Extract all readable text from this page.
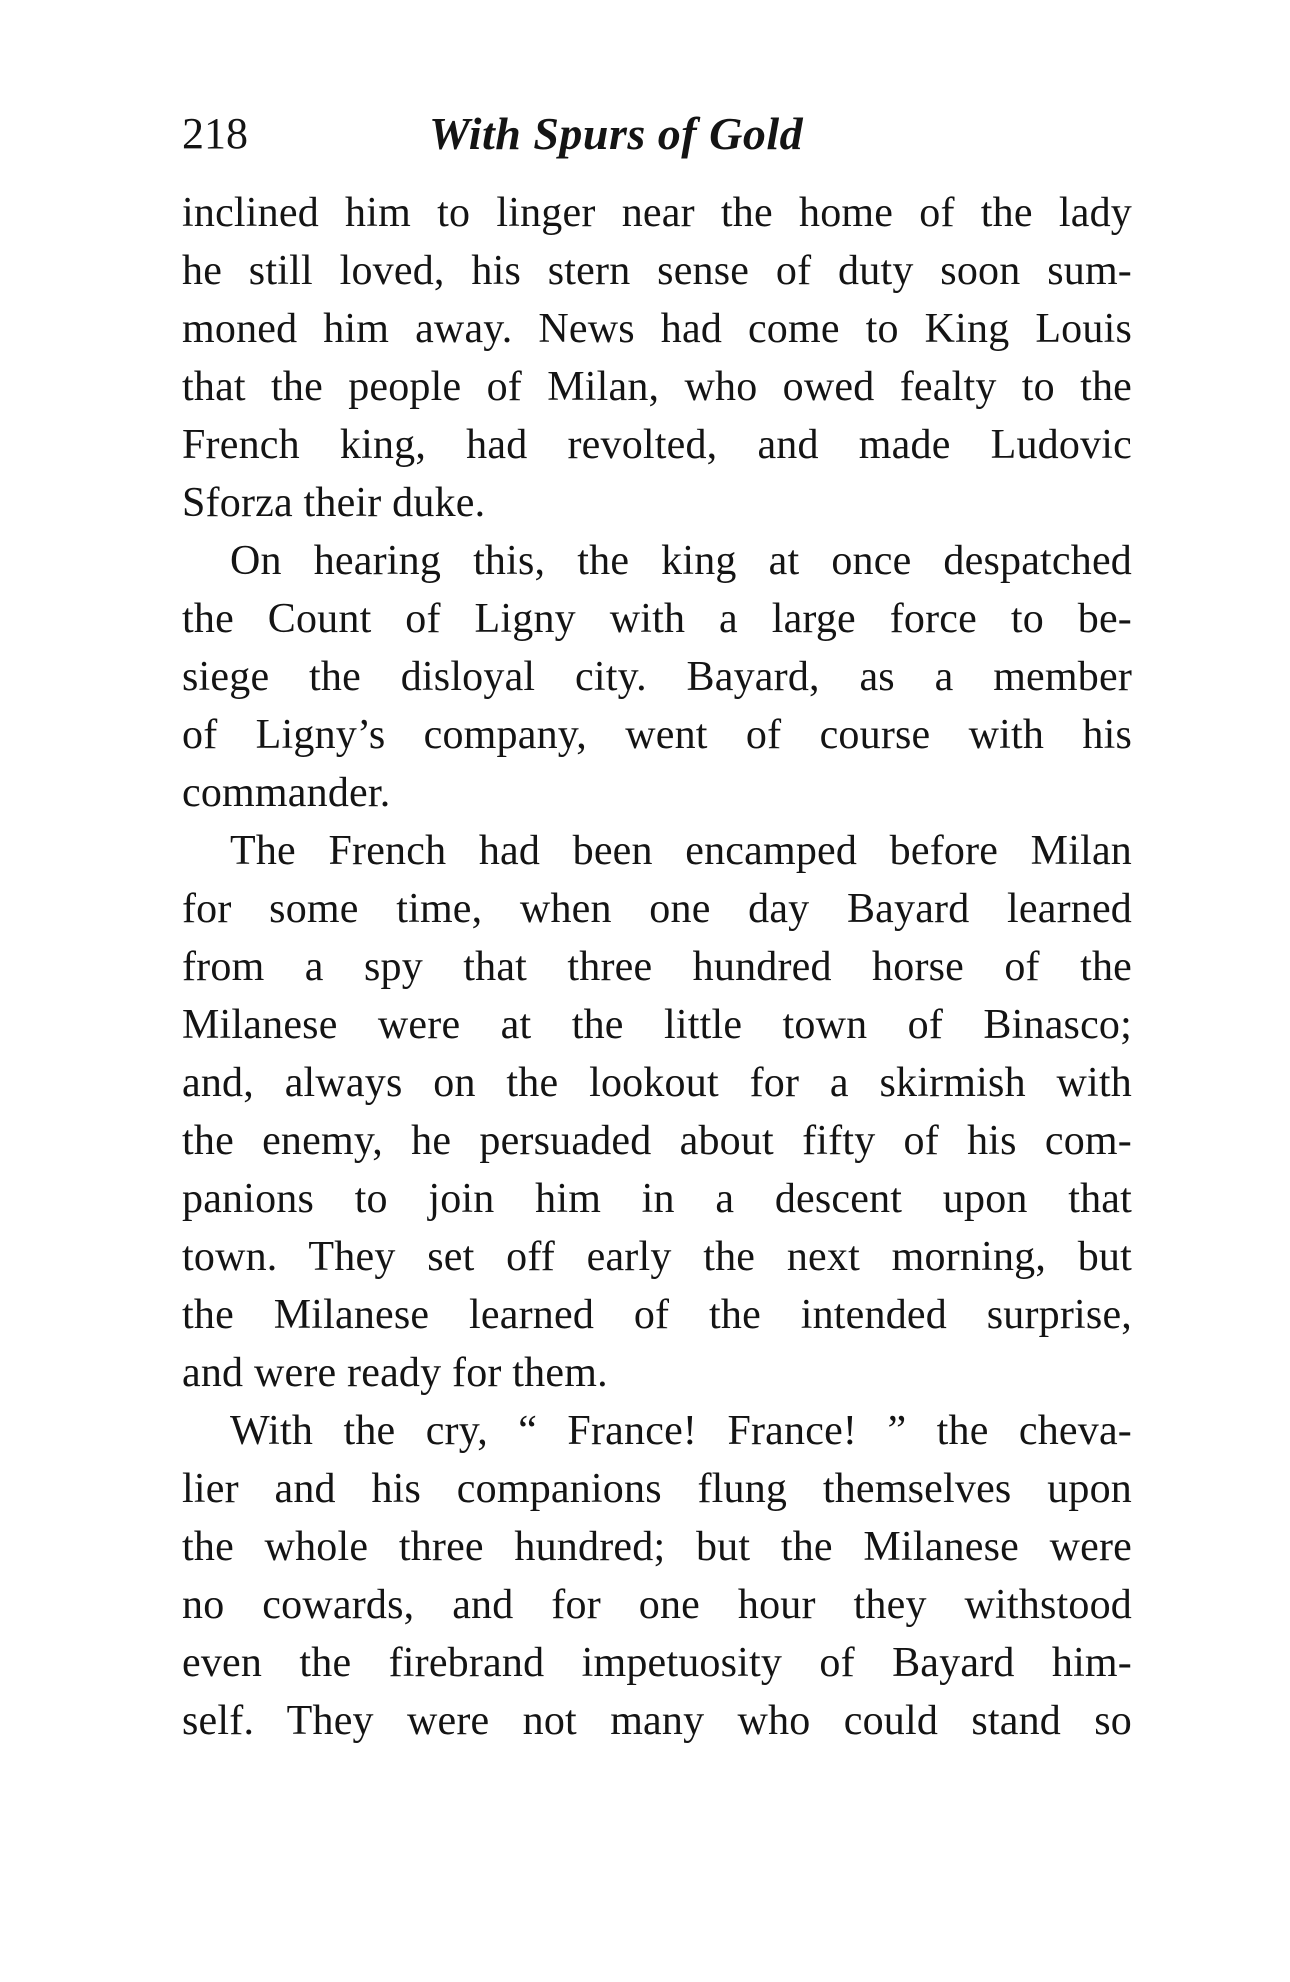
218	With Spurs of Gold
inclined him to linger near the home of the lady
he still loved, his stern sense of duty soon sum-
moned him away. News had come to King Louis
that the people of Milan, who owed fealty to the
French king, had revolted, and made Ludovic
Sforza their duke.
On hearing this, the king at once despatched
the Count of Ligny with a large force to be-
siege the disloyal city. Bayard, as a member
of Ligny’s company, went of course with his
commander.
The French had been encamped before Milan
for some time, when one day Bayard learned
from a spy that three hundred horse of the
Milanese were at the little town of Binasco;
and, always on the lookout for a skirmish with
the enemy, he persuaded about fifty of his com-
panions to join him in a descent upon that
town. They set off early the next morning, but
the Milanese learned of the intended surprise,
and were ready for them.
With the cry, “ France! France! ” the cheva-
lier and his companions flung themselves upon
the whole three hundred; but the Milanese were
no cowards, and for one hour they withstood
even the firebrand impetuosity of Bayard him-
self. They were not many who could stand so
